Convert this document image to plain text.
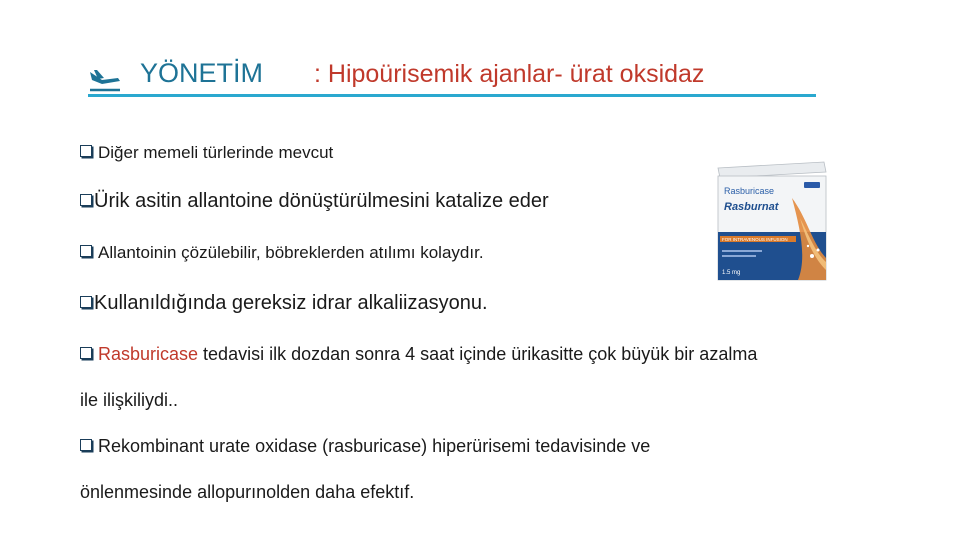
YÖNETİM : Hipoürisemik ajanlar- ürat oksidaz
Diğer memeli türlerinde mevcut
Ürik asitin allantoine dönüştürülmesini katalize eder
Allantoinin çözülebilir, böbreklerden atılımı kolaydır.
Kullanıldığında gereksiz idrar alkaliizasyonu.
Rasburicase tedavisi ilk dozdan sonra 4 saat içinde ürikasitte çok büyük bir azalma
ile ilişkiliydi..
Rekombinant urate oxidase (rasburicase) hiperürisemi tedavisinde ve
önlenmesinde allopurınolden daha efektıf.
Rasburicase
Rasburnat
FOR INTRAVENOUS INFUSION
1.5 mg
